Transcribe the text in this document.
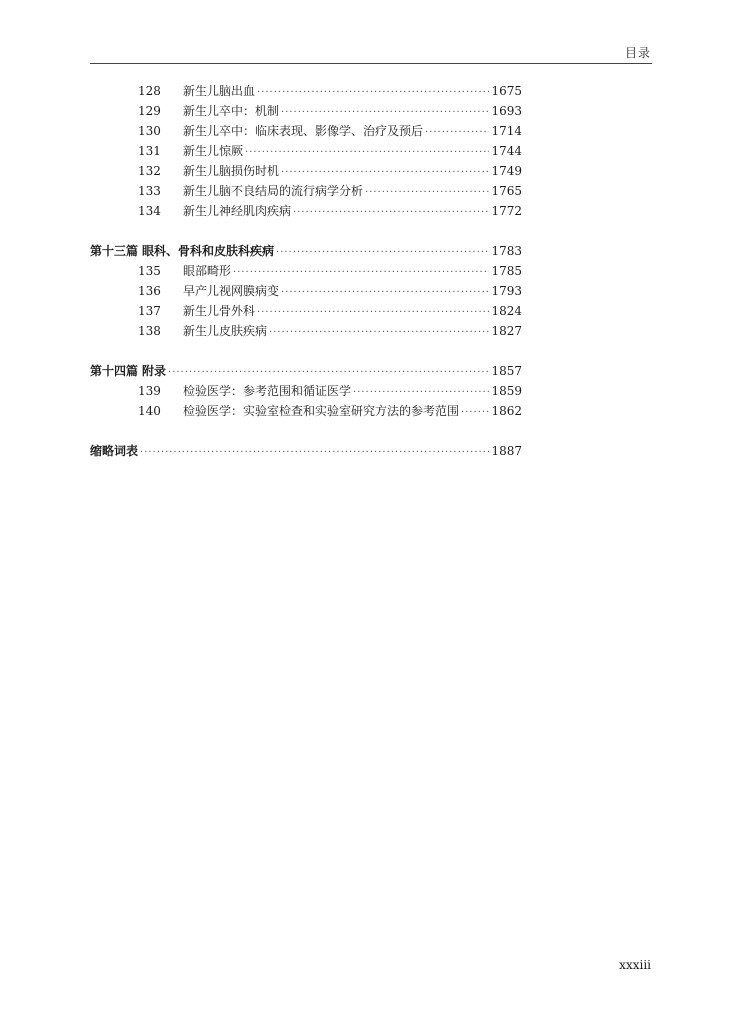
目录
128	新生儿脑出血 ·····	1675
129	新生儿卒中：机制 ·····	1693
130	新生儿卒中：临床表现、影像学、治疗及预后 ·····	1714
131	新生儿惊厥 ·····	1744
132	新生儿脑损伤时机 ·····	1749
133	新生儿脑不良结局的流行病学分析 ·····	1765
134	新生儿神经肌肉疾病 ·····	1772
第十三篇 眼科、骨科和皮肤科疾病 ·····	1783
135	眼部畸形 ·····	1785
136	早产儿视网膜病变 ·····	1793
137	新生儿骨外科 ·····	1824
138	新生儿皮肤疾病 ·····	1827
第十四篇 附录 ·····	1857
139	检验医学：参考范围和循证医学 ·····	1859
140	检验医学：实验室检查和实验室研究方法的参考范围 ·····	1862
缩略词表 ·····	1887
xxxiii
